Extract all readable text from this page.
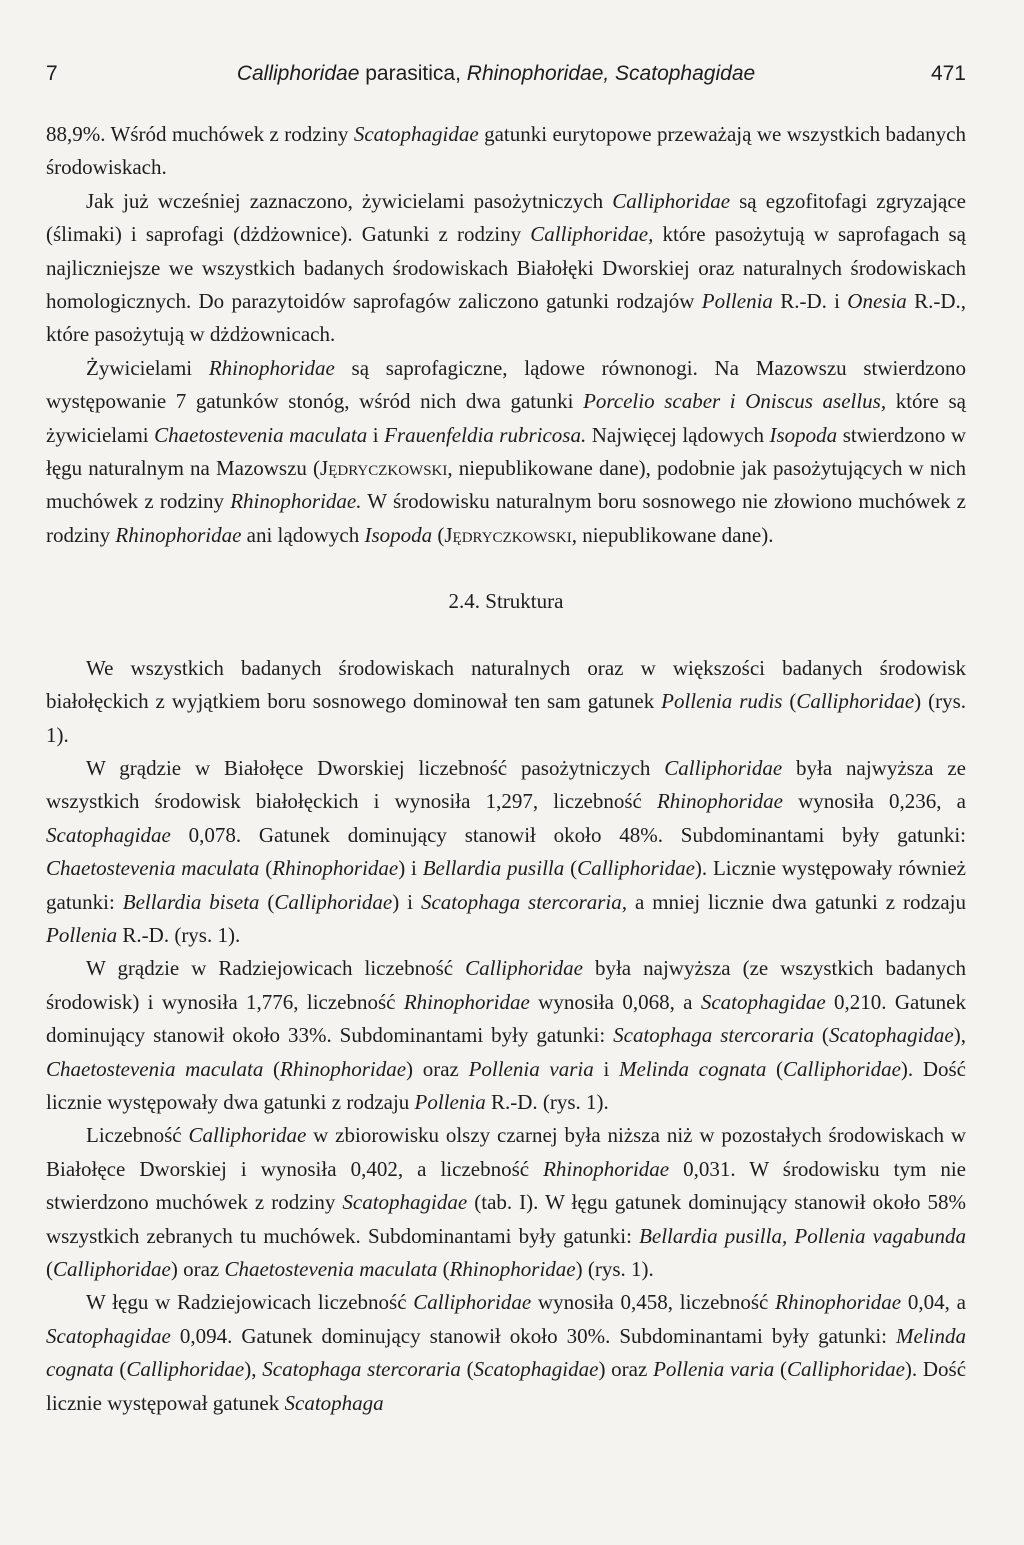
7	Calliphoridae parasitica, Rhinophoridae, Scatophagidae	471

88,9%. Wśród muchówek z rodziny Scatophagidae gatunki eurytopowe przeważają we wszystkich badanych środowiskach.

Jak już wcześniej zaznaczono, żywicielami pasożytniczych Calliphoridae są egzofitofagi zgryzające (ślimaki) i saprofagi (dżdżownice). Gatunki z rodziny Calliphoridae, które pasożytują w saprofagach są najliczniejsze we wszystkich badanych środowiskach Białołęki Dworskiej oraz naturalnych środowiskach homologicznych. Do parazytoidów saprofagów zaliczono gatunki rodzajów Pollenia R.-D. i Onesia R.-D., które pasożytują w dżdżownicach.

Żywicielami Rhinophoridae są saprofagiczne, lądowe równonogi. Na Mazowszu stwierdzono występowanie 7 gatunków stonóg, wśród nich dwa gatunki Porcelio scaber i Oniscus asellus, które są żywicielami Chaetostevenia maculata i Frauenfeldia rubricosa. Najwięcej lądowych Isopoda stwierdzono w łęgu naturalnym na Mazowszu (Jędryczkowski, niepublikowane dane), podobnie jak pasożytujących w nich muchówek z rodziny Rhinophoridae. W środowisku naturalnym boru sosnowego nie złowiono muchówek z rodziny Rhinophoridae ani lądowych Isopoda (Jędryczkowski, niepublikowane dane).

2.4. Struktura

We wszystkich badanych środowiskach naturalnych oraz w większości badanych środowisk białołęckich z wyjątkiem boru sosnowego dominował ten sam gatunek Pollenia rudis (Calliphoridae) (rys. 1).

W grądzie w Białołęce Dworskiej liczebność pasożytniczych Calliphoridae była najwyższa ze wszystkich środowisk białołęckich i wynosiła 1,297, liczebność Rhinophoridae wynosiła 0,236, a Scatophagidae 0,078. Gatunek dominujący stanowił około 48%. Subdominantami były gatunki: Chaetostevenia maculata (Rhinophoridae) i Bellardia pusilla (Calliphoridae). Licznie występowały również gatunki: Bellardia biseta (Calliphoridae) i Scatophaga stercoraria, a mniej licznie dwa gatunki z rodzaju Pollenia R.-D. (rys. 1).

W grądzie w Radziejowicach liczebność Calliphoridae była najwyższa (ze wszystkich badanych środowisk) i wynosiła 1,776, liczebność Rhinophoridae wynosiła 0,068, a Scatophagidae 0,210. Gatunek dominujący stanowił około 33%. Subdominantami były gatunki: Scatophaga stercoraria (Scatophagidae), Chaetostevenia maculata (Rhinophoridae) oraz Pollenia varia i Melinda cognata (Calliphoridae). Dość licznie występowały dwa gatunki z rodzaju Pollenia R.-D. (rys. 1).

Liczebność Calliphoridae w zbiorowisku olszy czarnej była niższa niż w pozostałych środowiskach w Białołęce Dworskiej i wynosiła 0,402, a liczebność Rhinophoridae 0,031. W środowisku tym nie stwierdzono muchówek z rodziny Scatophagidae (tab. I). W łęgu gatunek dominujący stanowił około 58% wszystkich zebranych tu muchówek. Subdominantami były gatunki: Bellardia pusilla, Pollenia vagabunda (Calliphoridae) oraz Chaetostevenia maculata (Rhinophoridae) (rys. 1).

W łęgu w Radziejowicach liczebność Calliphoridae wynosiła 0,458, liczebność Rhinophoridae 0,04, a Scatophagidae 0,094. Gatunek dominujący stanowił około 30%. Subdominantami były gatunki: Melinda cognata (Calliphoridae), Scatophaga stercoraria (Scatophagidae) oraz Pollenia varia (Calliphoridae). Dość licznie występował gatunek Scatophaga
